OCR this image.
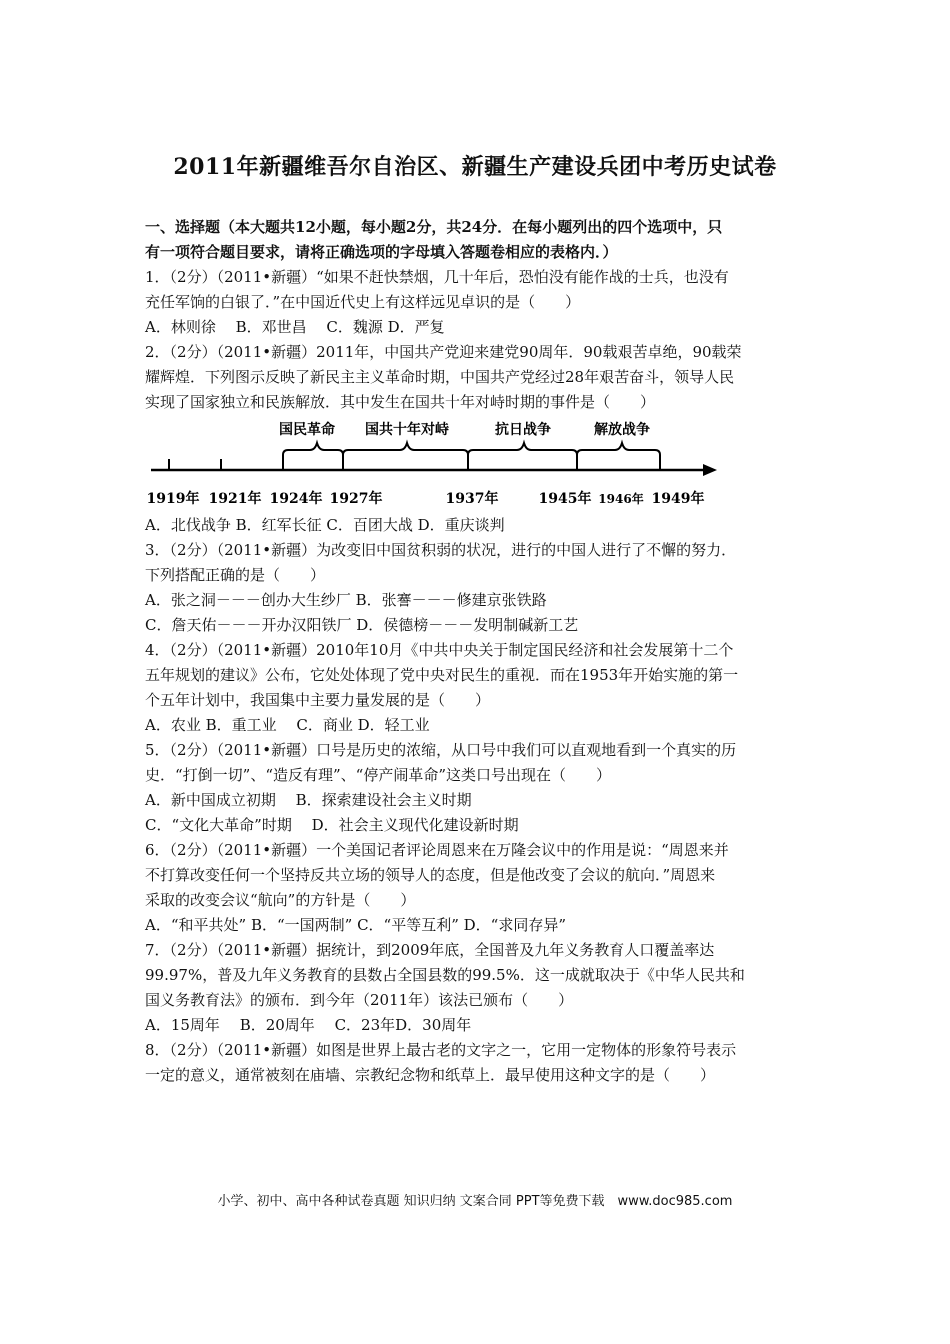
2011年新疆维吾尔自治区、新疆生产建设兵团中考历史试卷
一、选择题（本大题共12小题，每小题2分，共24分．在每小题列出的四个选项中，只
有一项符合题目要求，请将正确选项的字母填入答题卷相应的表格内．）
1．（2分）（2011•新疆）“如果不赶快禁烟，几十年后，恐怕没有能作战的士兵，也没有
充任军饷的白银了．”在中国近代史上有这样远见卓识的是（　　）
A．林则徐　 B．邓世昌　 C．魏源 D．严复
2．（2分）（2011•新疆）2011年，中国共产党迎来建党90周年．90载艰苦卓绝，90载荣
耀辉煌．下列图示反映了新民主主义革命时期，中国共产党经过28年艰苦奋斗，领导人民
实现了国家独立和民族解放．其中发生在国共十年对峙时期的事件是（　　）
国民革命 国共十年对峙	抗日战争	解放战争
1919年 1921年 1924年 1927年	1937年	1945年 1946年 1949年
A．北伐战争 B．红军长征 C．百团大战 D．重庆谈判
3．（2分）（2011•新疆）为改变旧中国贫积弱的状况，进行的中国人进行了不懈的努力．
下列搭配正确的是（　　）
A．张之洞－－－创办大生纱厂 B．张謇－－－修建京张铁路
C．詹天佑－－－开办汉阳铁厂 D．侯德榜－－－发明制碱新工艺
4．（2分）（2011•新疆）2010年10月《中共中央关于制定国民经济和社会发展第十二个
五年规划的建议》公布，它处处体现了党中央对民生的重视．而在1953年开始实施的第一
个五年计划中，我国集中主要力量发展的是（　　）
A．农业 B．重工业　 C．商业 D．轻工业
5．（2分）（2011•新疆）口号是历史的浓缩，从口号中我们可以直观地看到一个真实的历
史．“打倒一切”、“造反有理”、“停产闹革命”这类口号出现在（　　）
A．新中国成立初期　 B．探索建设社会主义时期
C．“文化大革命”时期　 D．社会主义现代化建设新时期
6．（2分）（2011•新疆）一个美国记者评论周恩来在万隆会议中的作用是说：“周恩来并
不打算改变任何一个坚持反共立场的领导人的态度，但是他改变了会议的航向．”周恩来
采取的改变会议“航向”的方针是（　　）
A．“和平共处” B．“一国两制” C．“平等互利” D．“求同存异”
7．（2分）（2011•新疆）据统计，到2009年底，全国普及九年义务教育人口覆盖率达
99.97%，普及九年义务教育的县数占全国县数的99.5%．这一成就取决于《中华人民共和
国义务教育法》的颁布．到今年（2011年）该法已颁布（　　）
A．15周年　 B．20周年　 C．23年D．30周年
8．（2分）（2011•新疆）如图是世界上最古老的文字之一，它用一定物体的形象符号表示
一定的意义，通常被刻在庙墙、宗教纪念物和纸草上．最早使用这种文字的是（　　）
小学、初中、高中各种试卷真题 知识归纳 文案合同 PPT等免费下载　www.doc985.com
